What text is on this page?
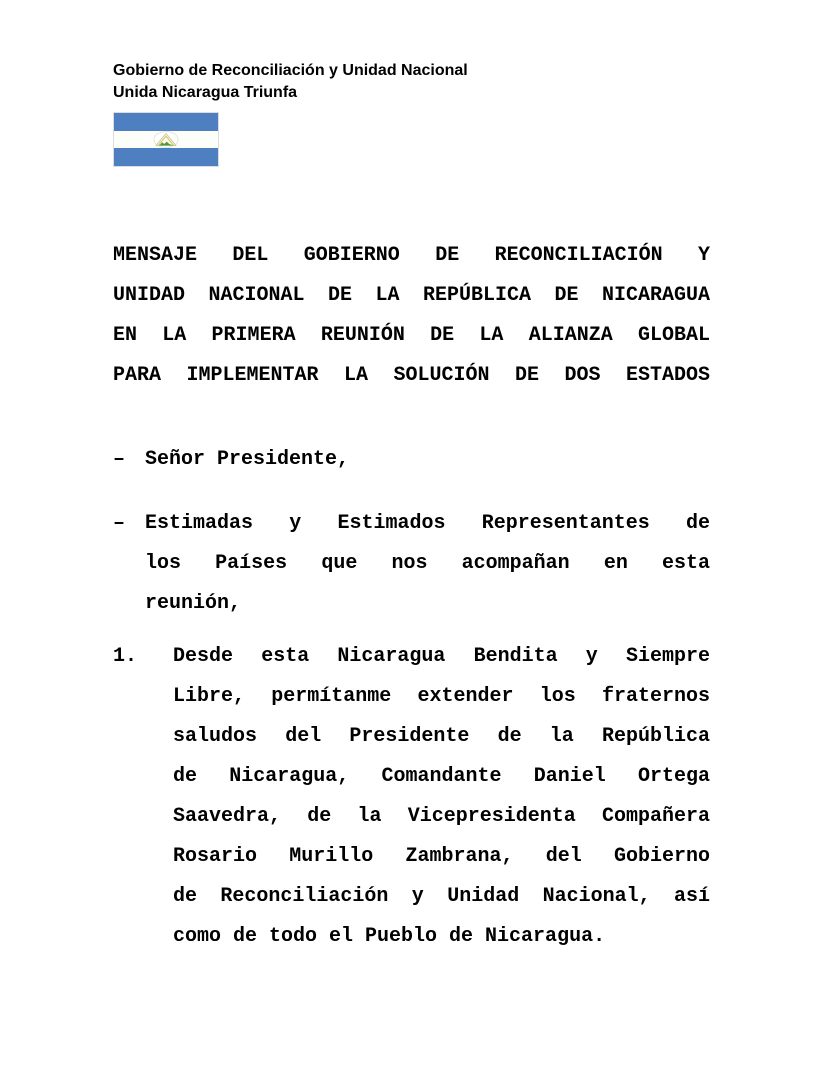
Gobierno de Reconciliación y Unidad Nacional
Unida Nicaragua Triunfa
MENSAJE DEL GOBIERNO DE RECONCILIACIÓN Y
UNIDAD NACIONAL DE LA REPÚBLICA DE NICARAGUA
EN LA PRIMERA REUNIÓN DE LA ALIANZA GLOBAL
PARA IMPLEMENTAR LA SOLUCIÓN DE DOS ESTADOS
– Señor Presidente,
– Estimadas y Estimados Representantes de
los Países que nos acompañan en esta
reunión,
1.	Desde esta Nicaragua Bendita y Siempre
Libre, permítanme extender los fraternos
saludos del Presidente de la República
de Nicaragua, Comandante Daniel Ortega
Saavedra, de la Vicepresidenta Compañera
Rosario Murillo Zambrana, del Gobierno
de Reconciliación y Unidad Nacional, así
como de todo el Pueblo de Nicaragua.
